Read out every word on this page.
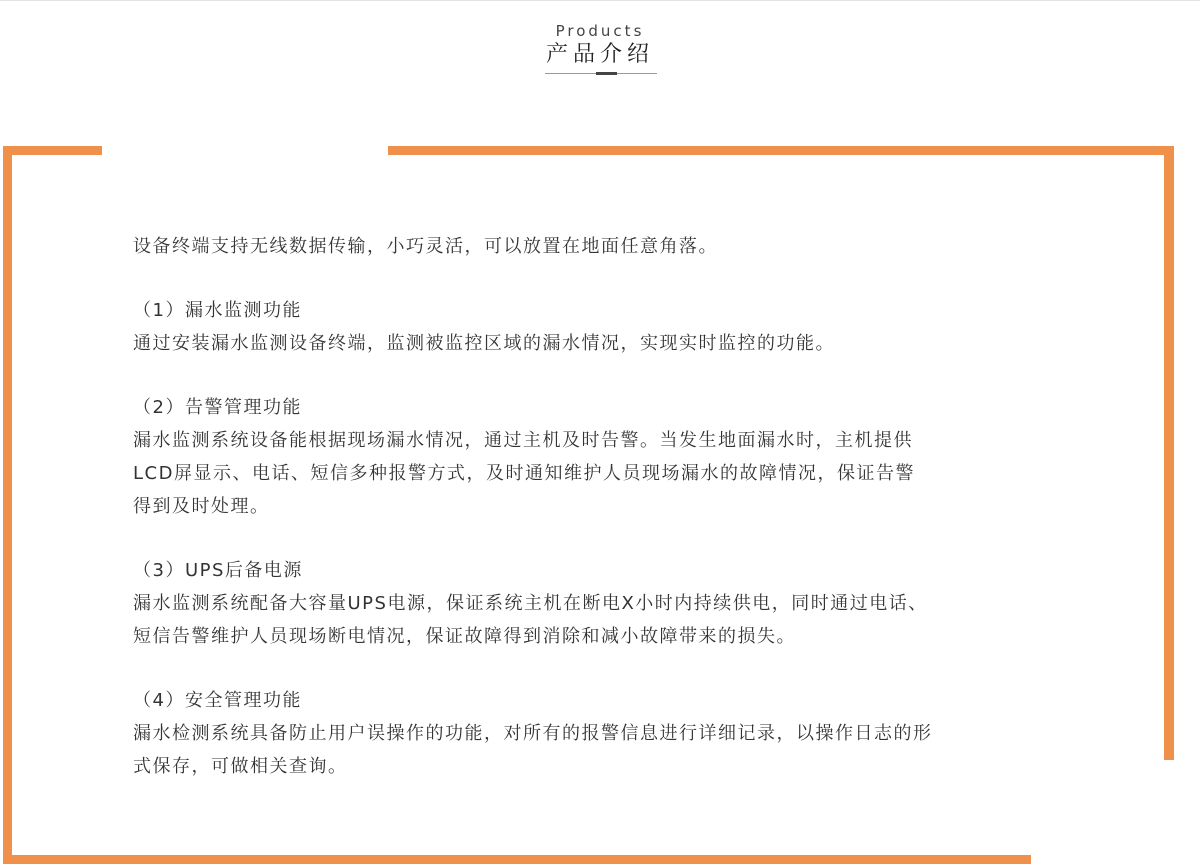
Products
产品介绍

设备终端支持无线数据传输，小巧灵活，可以放置在地面任意角落。

（1）漏水监测功能

通过安装漏水监测设备终端，监测被监控区域的漏水情况，实现实时监控的功能。

（2）告警管理功能

漏水监测系统设备能根据现场漏水情况，通过主机及时告警。当发生地面漏水时，主机提供

LCD屏显示、电话、短信多种报警方式，及时通知维护人员现场漏水的故障情况，保证告警

得到及时处理。

（3）UPS后备电源

漏水监测系统配备大容量UPS电源，保证系统主机在断电X小时内持续供电，同时通过电话、

短信告警维护人员现场断电情况，保证故障得到消除和减小故障带来的损失。

（4）安全管理功能

漏水检测系统具备防止用户误操作的功能，对所有的报警信息进行详细记录，以操作日志的形

式保存，可做相关查询。
